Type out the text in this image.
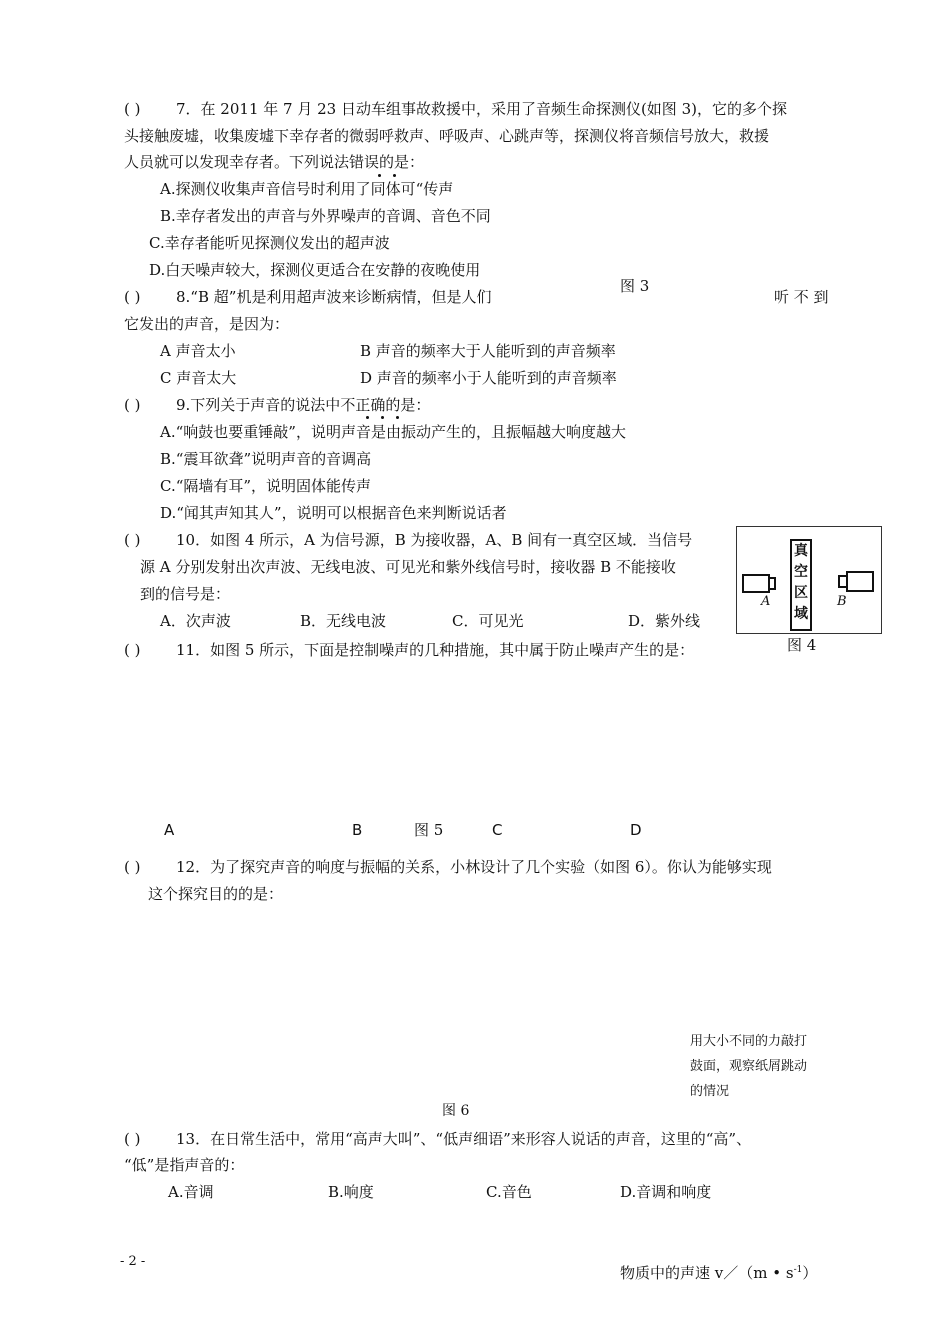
( ) 7．在 2011 年 7 月 23 日动车组事故救援中，采用了音频生命探测仪(如图 3)，它的多个探
头接触废墟，收集废墟下幸存者的微弱呼救声、呼吸声、心跳声等，探测仪将音频信号放大，救援
人员就可以发现幸存者。下列说法错误的是：
A.探测仪收集声音信号时利用了同体可“传声
B.幸存者发出的声音与外界噪声的音调、音色不同
C.幸存者能听见探测仪发出的超声波
D.白天噪声较大，探测仪更适合在安静的夜晚使用
图 3
( ) 8.“B 超”机是利用超声波来诊断病情，但是人们	听 不 到
它发出的声音，是因为：
A 声音太小	B 声音的频率大于人能听到的声音频率
C 声音太大	D 声音的频率小于人能听到的声音频率
( ) 9.下列关于声音的说法中不正确的是：
A.“响鼓也要重锤敲”，说明声音是由振动产生的，且振幅越大响度越大
B.“震耳欲聋”说明声音的音调高
C.“隔墙有耳”，说明固体能传声
D.“闻其声知其人”，说明可以根据音色来判断说话者
( ) 10．如图 4 所示，A 为信号源，B 为接收器，A、B 间有一真空区域．当信号
源 A 分别发射出次声波、无线电波、可见光和紫外线信号时，接收器 B 不能接收
到的信号是：
A．次声波	B．无线电波	C．可见光	D．紫外线
真
空
区
域
A	B
图 4
( ) 11．如图 5 所示，下面是控制噪声的几种措施，其中属于防止噪声产生的是：
A	B	图 5	C	D
( ) 12．为了探究声音的响度与振幅的关系，小林设计了几个实验（如图 6）。你认为能够实现
这个探究目的的是：
用大小不同的力敲打
鼓面，观察纸屑跳动
的情况
图 6
( ) 13．在日常生活中，常用“高声大叫”、“低声细语”来形容人说话的声音，这里的“高”、
“低”是指声音的：
A.音调	B.响度	C.音色	D.音调和响度
- 2 -
物质中的声速 v／（m • $s^{-1}$）
